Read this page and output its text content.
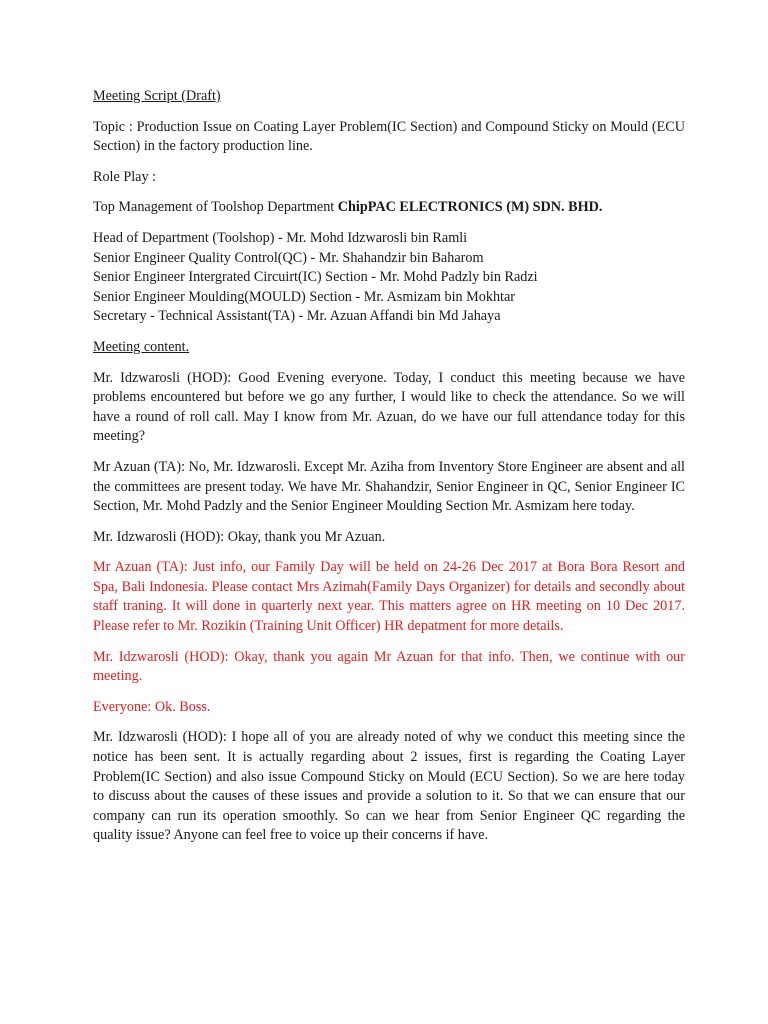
Meeting Script (Draft)

Topic : Production Issue on Coating Layer Problem(IC Section) and Compound Sticky on Mould (ECU Section) in the factory production line.

Role Play :

Top Management of Toolshop Department ChipPAC ELECTRONICS (M) SDN. BHD.

Head of Department (Toolshop) - Mr. Mohd Idzwarosli bin Ramli
Senior Engineer Quality Control(QC) - Mr. Shahandzir bin Baharom
Senior Engineer Intergrated Circuirt(IC) Section - Mr. Mohd Padzly bin Radzi
Senior Engineer Moulding(MOULD) Section - Mr. Asmizam bin Mokhtar
Secretary - Technical Assistant(TA) - Mr. Azuan Affandi bin Md Jahaya

Meeting content.

Mr. Idzwarosli (HOD): Good Evening everyone. Today, I conduct this meeting because we have problems encountered but before we go any further, I would like to check the attendance. So we will have a round of roll call. May I know from Mr. Azuan, do we have our full attendance today for this meeting?

Mr Azuan (TA): No, Mr. Idzwarosli. Except Mr. Aziha from Inventory Store Engineer are absent and all the committees are present today. We have Mr. Shahandzir, Senior Engineer in QC, Senior Engineer IC Section, Mr. Mohd Padzly and the Senior Engineer Moulding Section Mr. Asmizam here today.

Mr. Idzwarosli (HOD): Okay, thank you Mr Azuan.

Mr Azuan (TA): Just info, our Family Day will be held on 24-26 Dec 2017 at Bora Bora Resort and Spa, Bali Indonesia. Please contact Mrs Azimah(Family Days Organizer) for details and secondly about staff traning. It will done in quarterly next year. This matters agree on HR meeting on 10 Dec 2017. Please refer to Mr. Rozikin (Training Unit Officer) HR depatment for more details.

Mr. Idzwarosli (HOD): Okay, thank you again Mr Azuan for that info. Then, we continue with our meeting.

Everyone: Ok. Boss.

Mr. Idzwarosli (HOD): I hope all of you are already noted of why we conduct this meeting since the notice has been sent. It is actually regarding about 2 issues, first is regarding the Coating Layer Problem(IC Section) and also issue Compound Sticky on Mould (ECU Section). So we are here today to discuss about the causes of these issues and provide a solution to it. So that we can ensure that our company can run its operation smoothly. So can we hear from Senior Engineer QC regarding the quality issue? Anyone can feel free to voice up their concerns if have.
